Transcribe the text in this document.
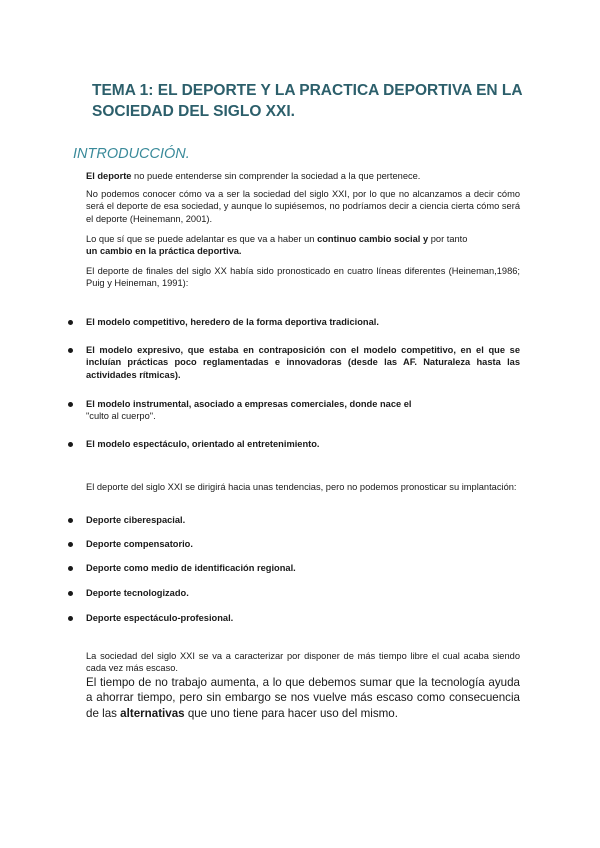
TEMA 1: EL DEPORTE Y LA PRACTICA DEPORTIVA EN LA SOCIEDAD DEL SIGLO XXI.
INTRODUCCIÓN.

El deporte no puede entenderse sin comprender la sociedad a la que pertenece.

No podemos conocer cómo va a ser la sociedad del siglo XXI, por lo que no alcanzamos a decir cómo será el deporte de esa sociedad, y aunque lo supiésemos, no podríamos decir a ciencia cierta cómo será el deporte (Heinemann, 2001).

Lo que sí que se puede adelantar es que va a haber un continuo cambio social y por tanto
un cambio en la práctica deportiva.

El deporte de finales del siglo XX había sido pronosticado en cuatro líneas diferentes (Heineman,1986; Puig y Heineman, 1991):

El modelo competitivo, heredero de la forma deportiva tradicional.

El modelo expresivo, que estaba en contraposición con el modelo competitivo, en el que se incluían prácticas poco reglamentadas e innovadoras (desde las AF. Naturaleza hasta las actividades rítmicas).

El modelo instrumental, asociado a empresas comerciales, donde nace el
"culto al cuerpo".

El modelo espectáculo, orientado al entretenimiento.

El deporte del siglo XXI se dirigirá hacia unas tendencias, pero no podemos pronosticar su implantación:

Deporte ciberespacial.

Deporte compensatorio.

Deporte como medio de identificación regional.

Deporte tecnologizado.

Deporte espectáculo-profesional.

La sociedad del siglo XXI se va a caracterizar por disponer de más tiempo libre el cual acaba siendo cada vez más escaso.

El tiempo de no trabajo aumenta, a lo que debemos sumar que la tecnología ayuda a ahorrar tiempo, pero sin embargo se nos vuelve más escaso como consecuencia de las alternativas que uno tiene para hacer uso del mismo.
